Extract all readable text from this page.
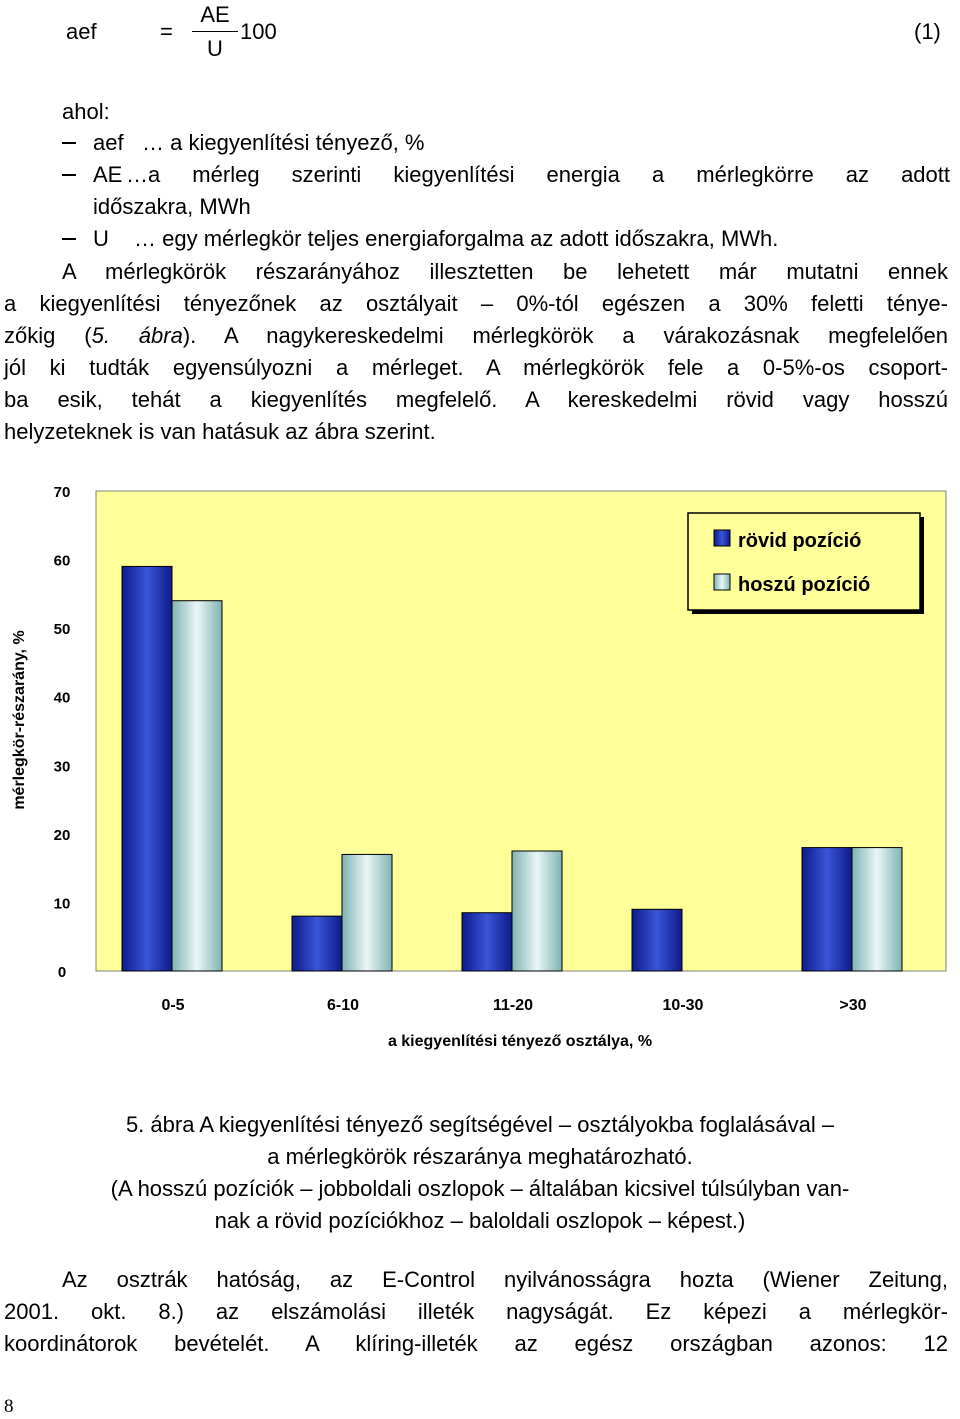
aef	=
AE
U
100	(1)
ahol:
aef … a kiegyenlítési tényező, %
AE …a mérleg szerinti kiegyenlítési energia a mérlegkörre az adott
időszakra, MWh
U … egy mérlegkör teljes energiaforgalma az adott időszakra, MWh.
A mérlegkörök részarányához illesztetten be lehetett már mutatni ennek
a kiegyenlítési tényezőnek az osztályait – 0%-tól egészen a 30% feletti ténye-
zőkig (5. ábra). A nagykereskedelmi mérlegkörök a várakozásnak megfelelően
jól ki tudták egyensúlyozni a mérleget. A mérlegkörök fele a 0-5%-os csoport-
ba esik, tehát a kiegyenlítés megfelelő. A kereskedelmi rövid vagy hosszú
helyzeteknek is van hatásuk az ábra szerint.
70
60
50
40
30
20
10
0
0-5	6-10	11-20	10-30	>30
mérlegkör-részarány, %
a kiegyenlítési tényező osztálya, %
rövid pozíció
hoszú pozíció
5. ábra A kiegyenlítési tényező segítségével – osztályokba foglalásával –
a mérlegkörök részaránya meghatározható.
(A hosszú pozíciók – jobboldali oszlopok – általában kicsivel túlsúlyban van-
nak a rövid pozíciókhoz – baloldali oszlopok – képest.)
Az osztrák hatóság, az E-Control nyilvánosságra hozta (Wiener Zeitung,
2001. okt. 8.) az elszámolási illeték nagyságát. Ez képezi a mérlegkör-
koordinátorok bevételét. A klíring-illeték az egész országban azonos: 12
8
